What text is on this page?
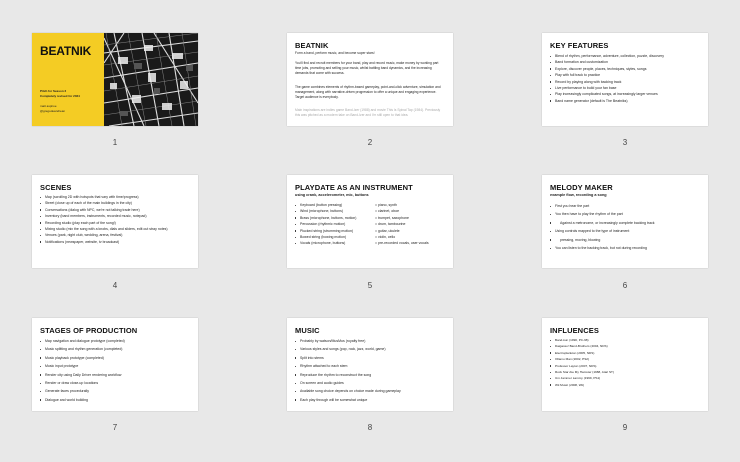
BEATNIK
Pitch for Season 2
Completely revised for 2024
matt aspiroe
@gregodeandrean
1
BEATNIK
Form a band, perform music, and become super stars!
You'll find and recruit members for your band, play and record music, make money by working part time jobs, promoting and selling your music, whilst battling band dynamics, and the increasing demands that come with success.
The game combines elements of rhythm-based gameplay, point-and-click adventure, simulation and management, along with narrative-driven progression to offer a unique and engaging experience. Target audience is everybody.
Main inspirations are indies game Band-Izer (1988) and movie This Is Spinal Tap (1984). Previously this was pitched as a modern take on Band-Izer and I'm still open to that idea.
2
KEY FEATURES
Blend of rhythm, performance, adventure, collection, puzzle, discovery
Band formation and customization
Explore, discover people, places, techniques, styles, songs
Play with full track to practice
Record by playing along with backing track
Live performance to build your fan base
Play increasingly complicated songs, at increasingly larger venues
Band name generator (default is The Beatniks)
3
SCENES
Map (scrolling 2D with hotspots that vary with time/progress)
Street (close up of each of the main buildings in the city)
Conversations (dialog with NPC, we're not talking trade here)
Inventory (band members, instruments, recorded music, notepad)
Recording studio (play each part of the song!)
Mixing studio (mix the song with a knobs, dials and sliders, edit out stray notes)
Venues (park, night club, wedding, arena, festival)
Notifications (newspaper, website, tv broadcast)
4
PLAYDATE AS AN INSTRUMENT
using crank, accelerometer, mic, buttons
Keyboard (button pressing)	= piano, synth
Wind (microphone, buttons)	= clarinet, oboe
Brass (microphone, buttons, motion)	= trumpet, saxophone
Percussion (rhythmic motion)	= drum, tambourine
Plucked string (strumming motion)	= guitar, ukulele
Bowed string (bowing motion)	= violin, cello
Vocals (microphone, buttons)	= pre-recorded vocals, user vocals
5
MELODY MAKER
example flow, recording a song
First you hear the part
You then have to play the rhythm of the part
Against a metronome, or increasingly complete backing track
Using controls mapped to the type of instrument
pressing, moving, blowing
You can listen to the backing track, but not during recording
6
STAGES OF PRODUCTION
Map navigation and dialogue prototype (completed)
Music splitting and rhythm generation (completed)
Music playback prototype (completed)
Music input prototype
Render city using Daily Driver rendering workflow
Render or draw close-up locations
Generate faces procedurally
Dialogue and world building
7
MUSIC
Probably by watson/MusMus (royalty free)
Various styles and songs (pop, rock, jazz, world, game)
Split into stems
Rhythm attached to each stem
Reproduce the rhythm to reconstruct the song
On screen and audio guides
Available song choice depends on choice made during gameplay
Each play through will be somewhat unique
8
INFLUENCES
Band-kun (1990, PC-98)
Daigasso! Band-Brothers (2004, NDS)
Electroplankton (2005, NDS)
Ollamo Man (2002, PS2)
Professor Layton (2007, NDS)
Rock Star Ate My Hamster (1988, Atari ST)
Um Jammer Lammy (1999, PS1)
Wii Music (2008, Wii)
9
